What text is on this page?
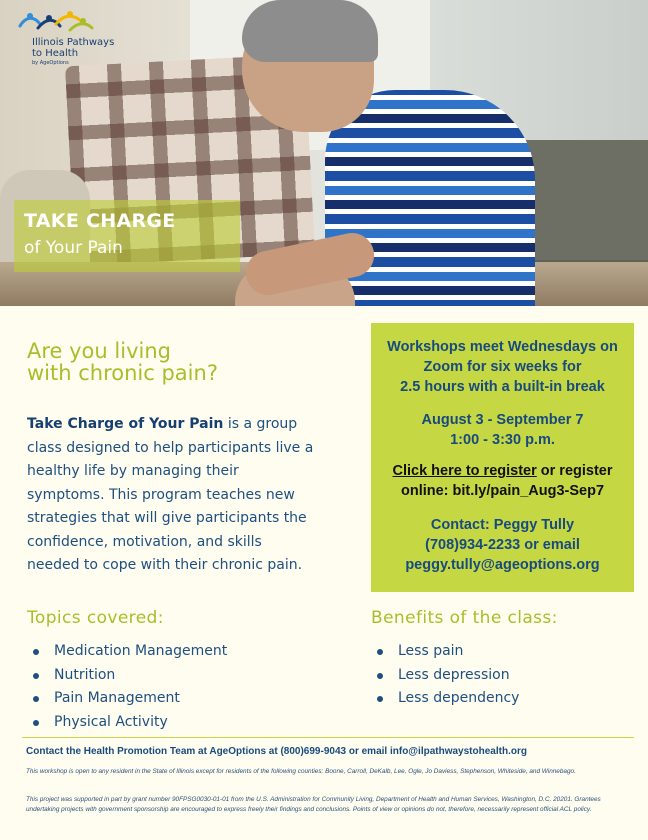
Illinois Pathways
to Health
by AgeOptions
TAKE CHARGE
of Your Pain
Are you living
with chronic pain?
Take Charge of Your Pain is a group class designed to help participants live a healthy life by managing their symptoms. This program teaches new strategies that will give participants the confidence, motivation, and skills needed to cope with their chronic pain.

Workshops meet Wednesdays on

Zoom for six weeks for

2.5 hours with a built-in break

August 3 - September 7

1:00 - 3:30 p.m.

Click here to register or register

online: bit.ly/pain_Aug3-Sep7

Contact: Peggy Tully

(708)934-2233 or email

peggy.tully@ageoptions.org

Topics covered:
Medication Management
Nutrition
Pain Management
Physical Activity
Benefits of the class:
Less pain
Less depression
Less dependency
Contact the Health Promotion Team at AgeOptions at (800)699-9043 or email info@ilpathwaystohealth.org
This workshop is open to any resident in the State of Illinois except for residents of the following counties: Boone, Carroll, DeKalb, Lee, Ogle, Jo Daviess, Stephenson, Whiteside, and Winnebago.
This project was supported in part by grant number 90FPSG0030-01-01 from the U.S. Administration for Community Living, Department of Health and Human Services, Washington, D.C. 20201. Grantees undertaking projects with government sponsorship are encouraged to express freely their findings and conclusions. Points of view or opinions do not, therefore, necessarily represent official ACL policy.
